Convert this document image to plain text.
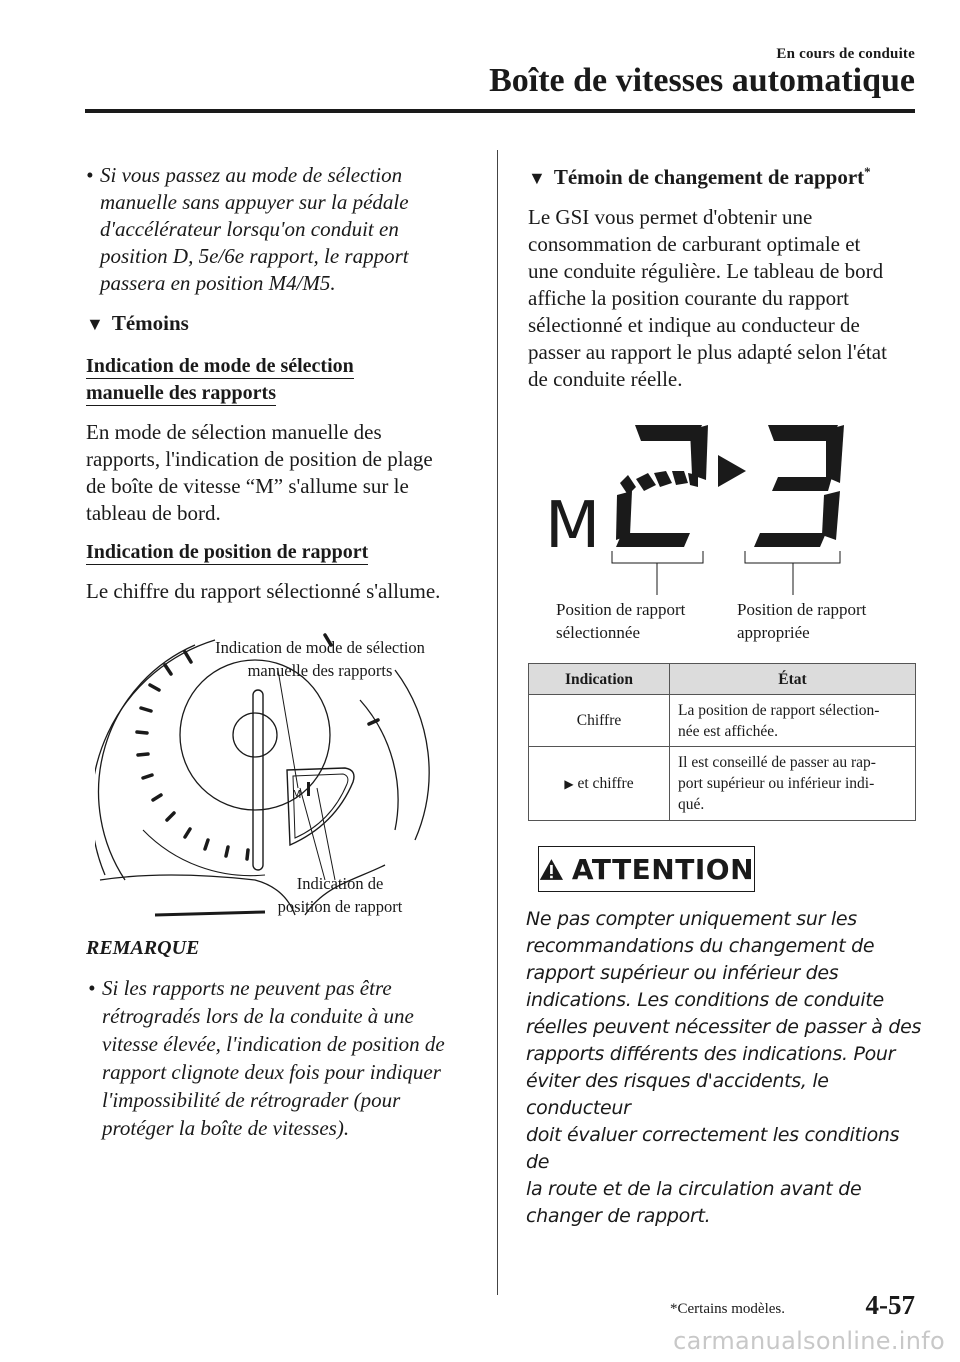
En cours de conduite
Boîte de vitesses automatique
• Si vous passez au mode de sélection
manuelle sans appuyer sur la pédale
d'accélérateur lorsqu'on conduit en
position D, 5e/6e rapport, le rapport
passera en position M4/M5.
▼ Témoins
Indication de mode de sélection
manuelle des rapports
En mode de sélection manuelle des
rapports, l'indication de position de plage
de boîte de vitesse “M” s'allume sur le
tableau de bord.
Indication de position de rapport
Le chiffre du rapport sélectionné s'allume.
M
Indication de mode de sélection
manuelle des rapports
Indication de
position de rapport
REMARQUE
• Si les rapports ne peuvent pas être
rétrogradés lors de la conduite à une
vitesse élevée, l'indication de position de
rapport clignote deux fois pour indiquer
l'impossibilité de rétrograder (pour
protéger la boîte de vitesses).
▼ Témoin de changement de rapport*
Le GSI vous permet d'obtenir une
consommation de carburant optimale et
une conduite régulière. Le tableau de bord
affiche la position courante du rapport
sélectionné et indique au conducteur de
passer au rapport le plus adapté selon l'état
de conduite réelle.
M
Position de rapport
sélectionnée
Position de rapport
appropriée
Indication	État
Chiffre	La position de rapport sélection-
née est affichée.

▶ et chiffre	Il est conseillé de passer au rap-
port supérieur ou inférieur indi-
qué.
ATTENTION
Ne pas compter uniquement sur les
recommandations du changement de
rapport supérieur ou inférieur des
indications. Les conditions de conduite
réelles peuvent nécessiter de passer à des
rapports différents des indications. Pour
éviter des risques d'accidents, le conducteur
doit évaluer correctement les conditions de
la route et de la circulation avant de
changer de rapport.
*Certains modèles.	4-57
carmanualsonline.info
